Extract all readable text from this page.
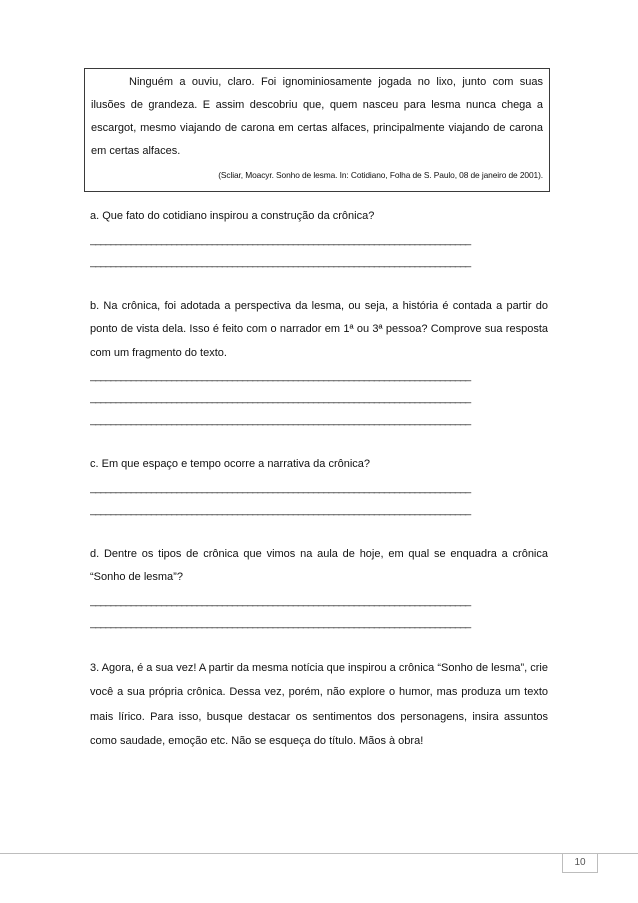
Ninguém a ouviu, claro. Foi ignominiosamente jogada no lixo, junto com suas ilusões de grandeza. E assim descobriu que, quem nasceu para lesma nunca chega a escargot, mesmo viajando de carona em certas alfaces, principalmente viajando de carona em certas alfaces.

(Scliar, Moacyr. Sonho de lesma. In: Cotidiano, Folha de S. Paulo, 08 de janeiro de 2001).

a. Que fato do cotidiano inspirou a construção da crônica?

___________________________________________________________________________

___________________________________________________________________________

b. Na crônica, foi adotada a perspectiva da lesma, ou seja, a história é contada a partir do ponto de vista dela. Isso é feito com o narrador em 1ª ou 3ª pessoa? Comprove sua resposta com um fragmento do texto.

___________________________________________________________________________

___________________________________________________________________________

___________________________________________________________________________

c. Em que espaço e tempo ocorre a narrativa da crônica?

___________________________________________________________________________

___________________________________________________________________________

d. Dentre os tipos de crônica que vimos na aula de hoje, em qual se enquadra a crônica “Sonho de lesma”?

___________________________________________________________________________

___________________________________________________________________________

3. Agora, é a sua vez! A partir da mesma notícia que inspirou a crônica “Sonho de lesma”, crie você a sua própria crônica. Dessa vez, porém, não explore o humor, mas produza um texto mais lírico. Para isso, busque destacar os sentimentos dos personagens, insira assuntos como saudade, emoção etc. Não se esqueça do título. Mãos à obra!

10
